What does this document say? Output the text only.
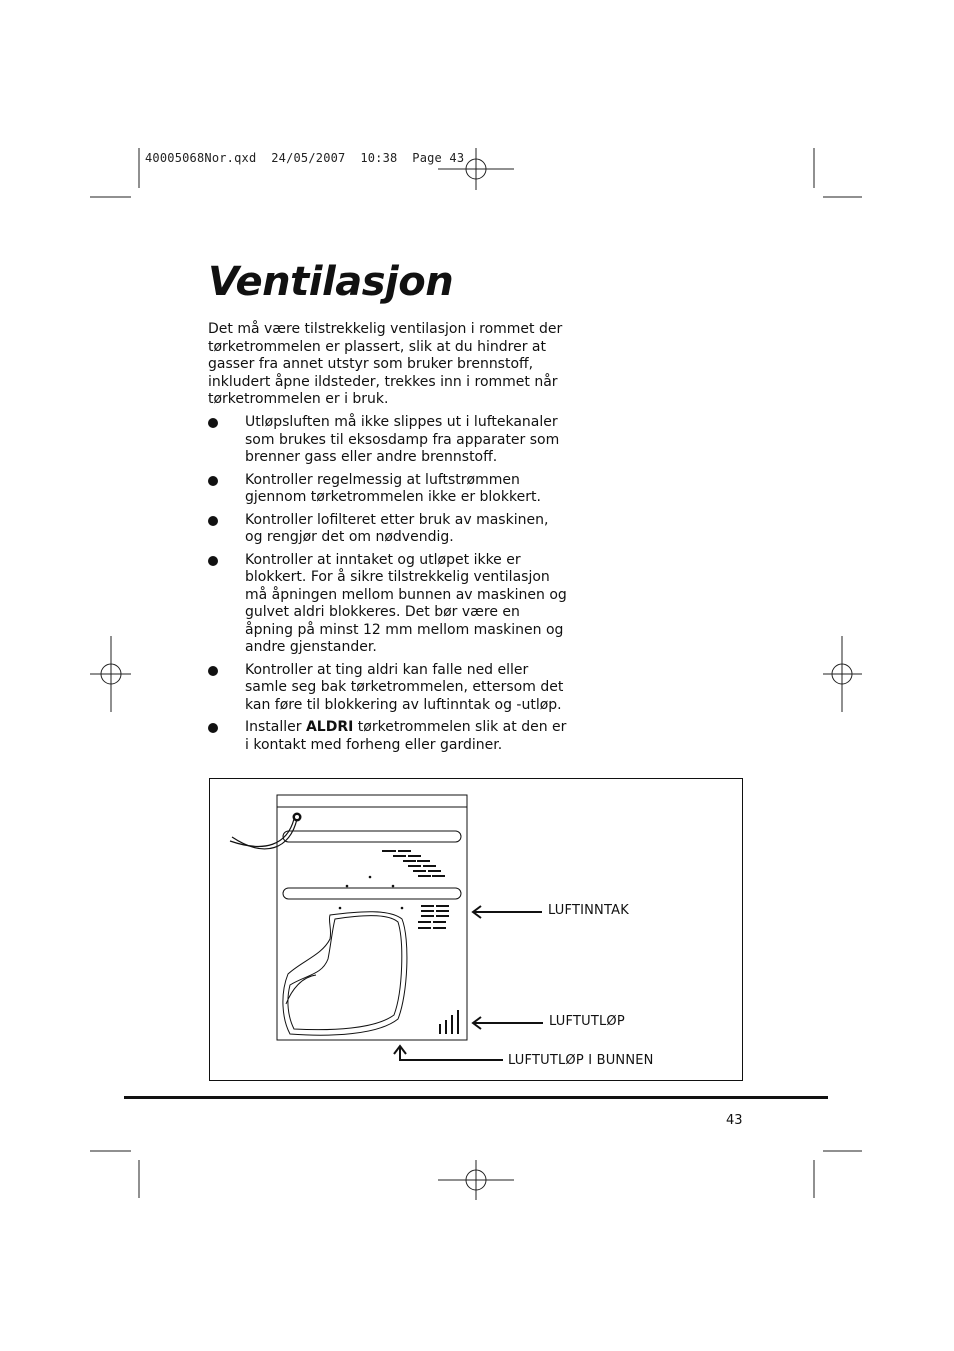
40005068Nor.qxd  24/05/2007  10:38  Page 43
Ventilasjon

Det må være tilstrekkelig ventilasjon i rommet der tørketrommelen er plassert, slik at du hindrer at gasser fra annet utstyr som bruker brennstoff, inkludert åpne ildsteder, trekkes inn i rommet når tørketrommelen er i bruk.

Utløpsluften må ikke slippes ut i luftekanaler som brukes til eksosdamp fra apparater som brenner gass eller andre brennstoff.
Kontroller regelmessig at luftstrømmen gjennom tørketrommelen ikke er blokkert.
Kontroller lofilteret etter bruk av maskinen, og rengjør det om nødvendig.
Kontroller at inntaket og utløpet ikke er blokkert. For å sikre tilstrekkelig ventilasjon må åpningen mellom bunnen av maskinen og gulvet aldri blokkeres. Det bør være en åpning på minst 12 mm mellom maskinen og andre gjenstander.
Kontroller at ting aldri kan falle ned eller samle seg bak tørketrommelen, ettersom det kan føre til blokkering av luftinntak og -utløp.
Installer ALDRI tørketrommelen slik at den er i kontakt med forheng eller gardiner.
LUFTINNTAK
LUFTUTLØP
LUFTUTLØP I BUNNEN
43
